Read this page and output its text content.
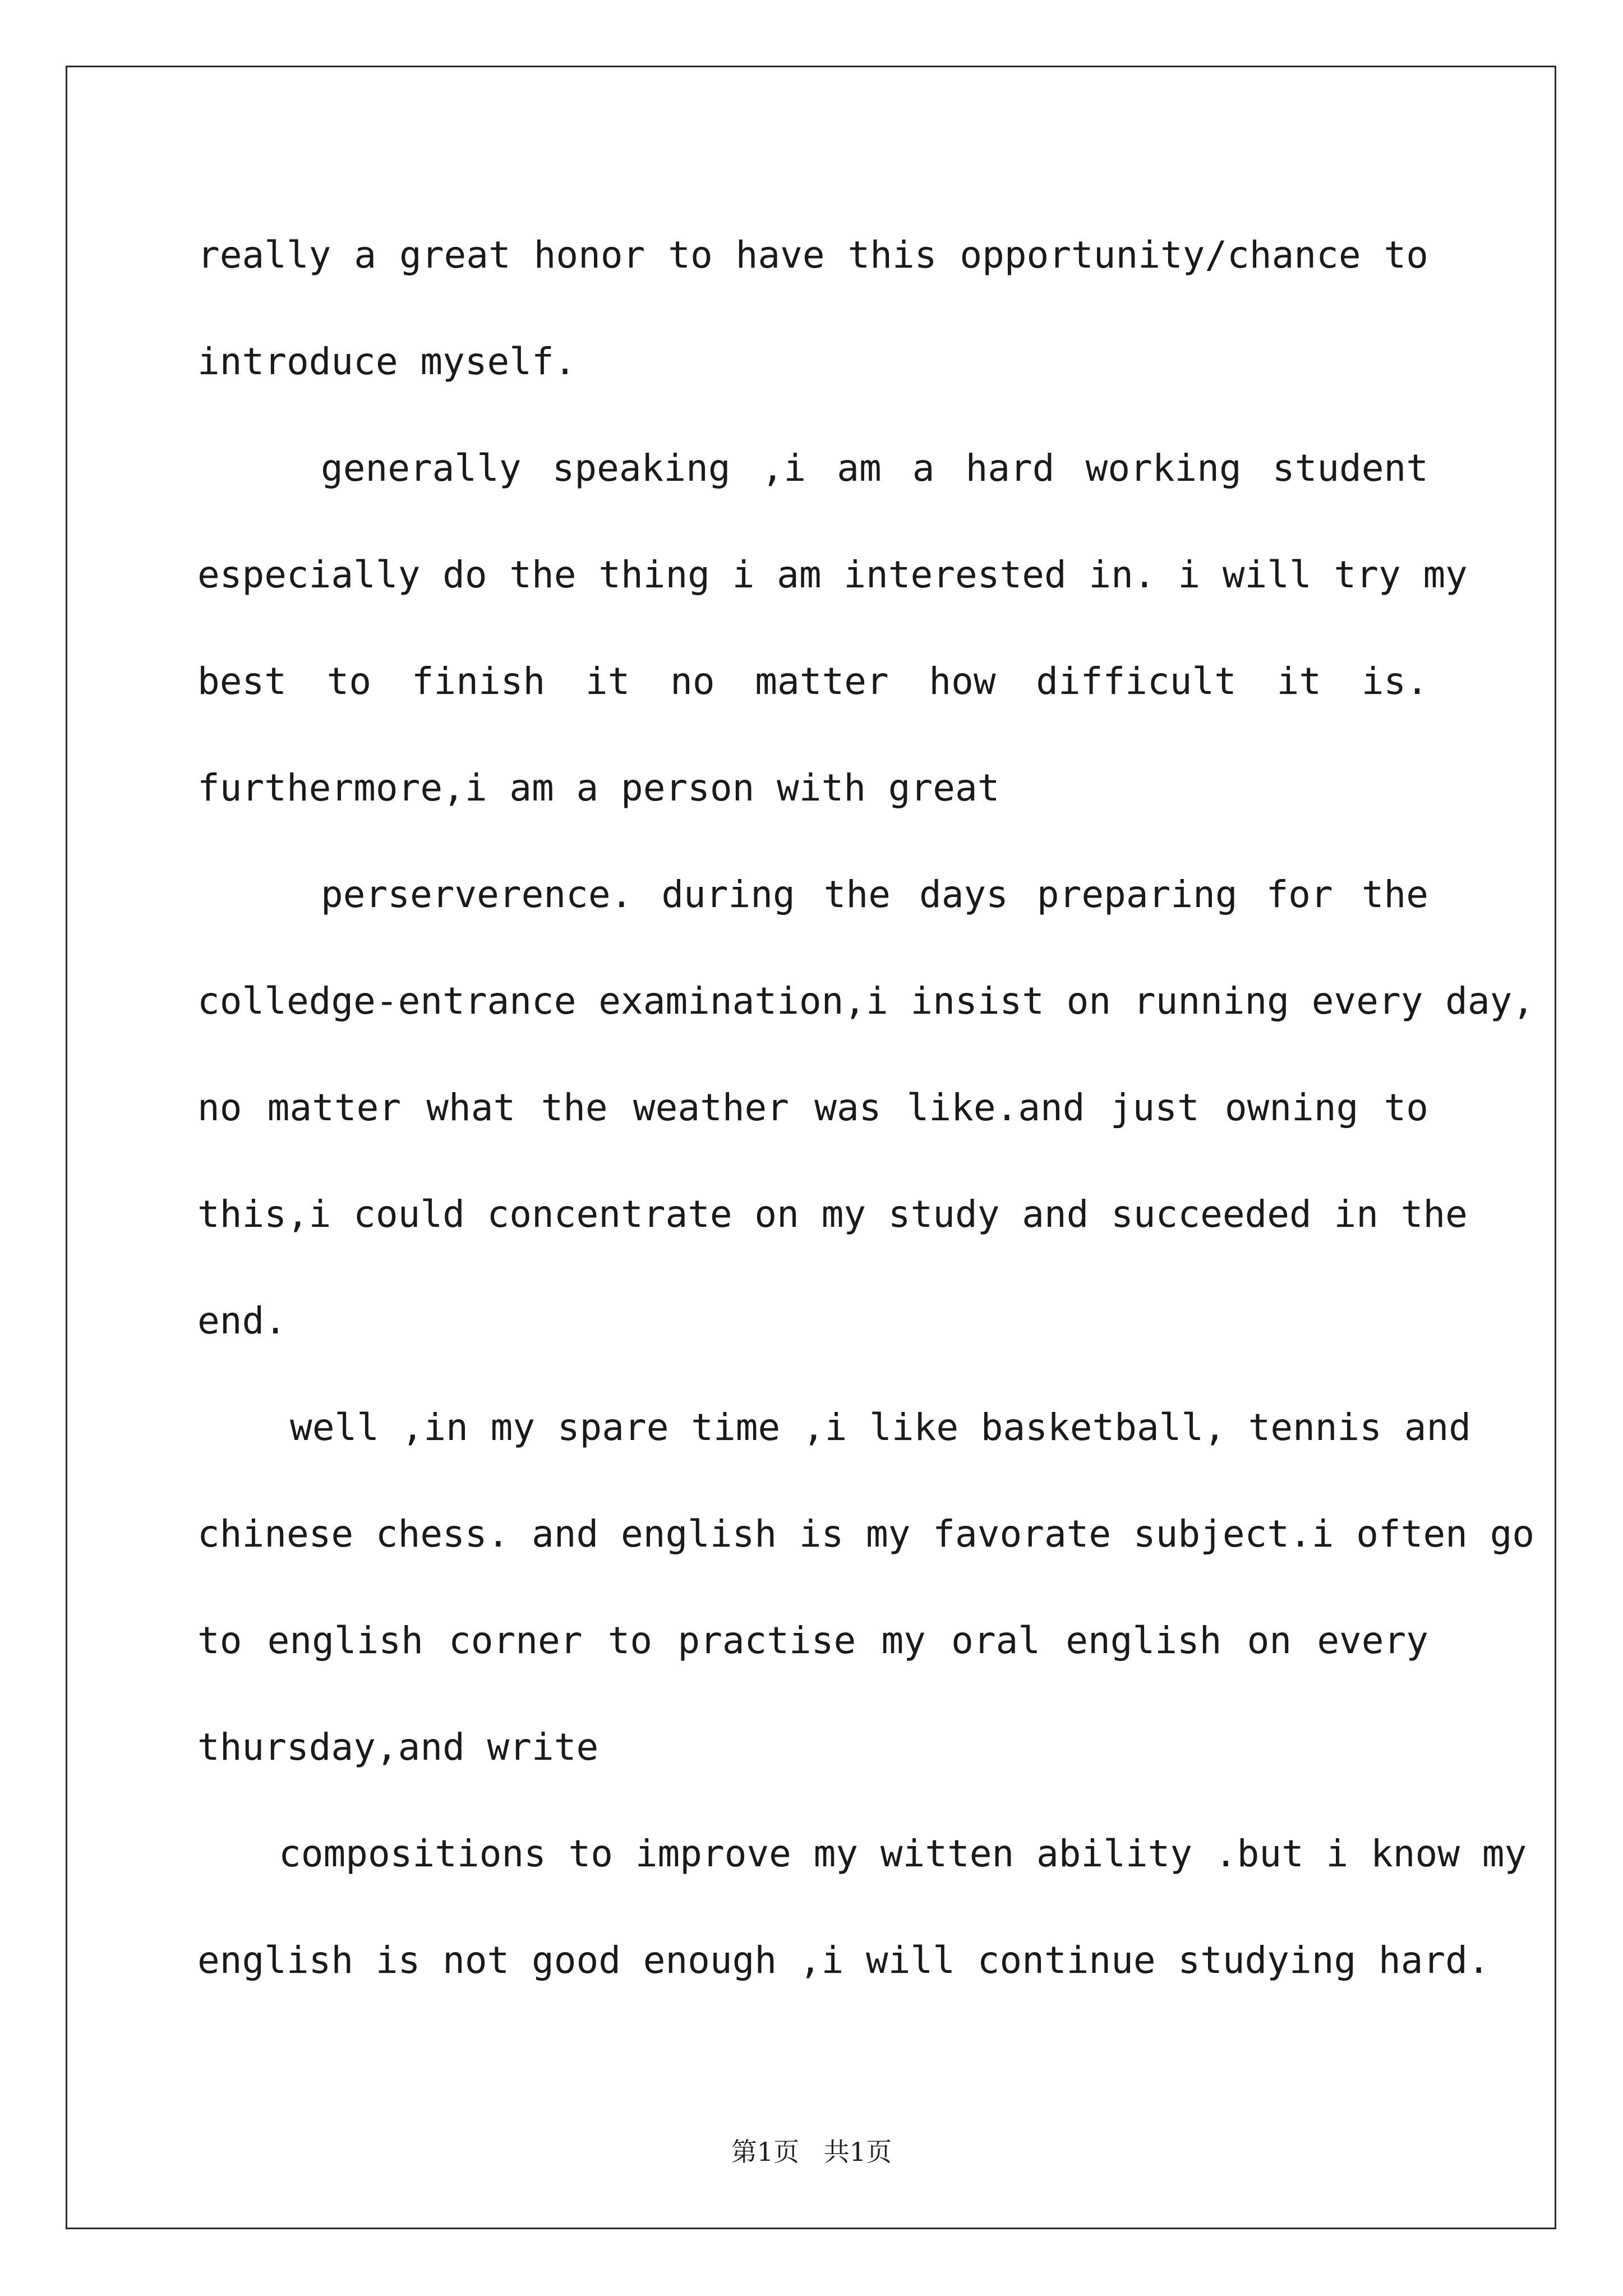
really a great honor to have this opportunity/chance to
introduce myself.
generally speaking ,i am a hard working student
especially do the thing i am interested in. i will try my
best to finish it no matter how difficult it is.
furthermore,i am a person with great
perserverence. during the days preparing for the
colledge-entrance examination,i insist on running every day,
no matter what the weather was like.and just owning to
this,i could concentrate on my study and succeeded in the
end.
well ,in my spare time ,i like basketball, tennis and
chinese chess. and english is my favorate subject.i often go
to english corner to practise my oral english on every
thursday,and write
compositions to improve my witten ability .but i know my
english is not good enough ,i will continue studying hard.
第1页   共1页
